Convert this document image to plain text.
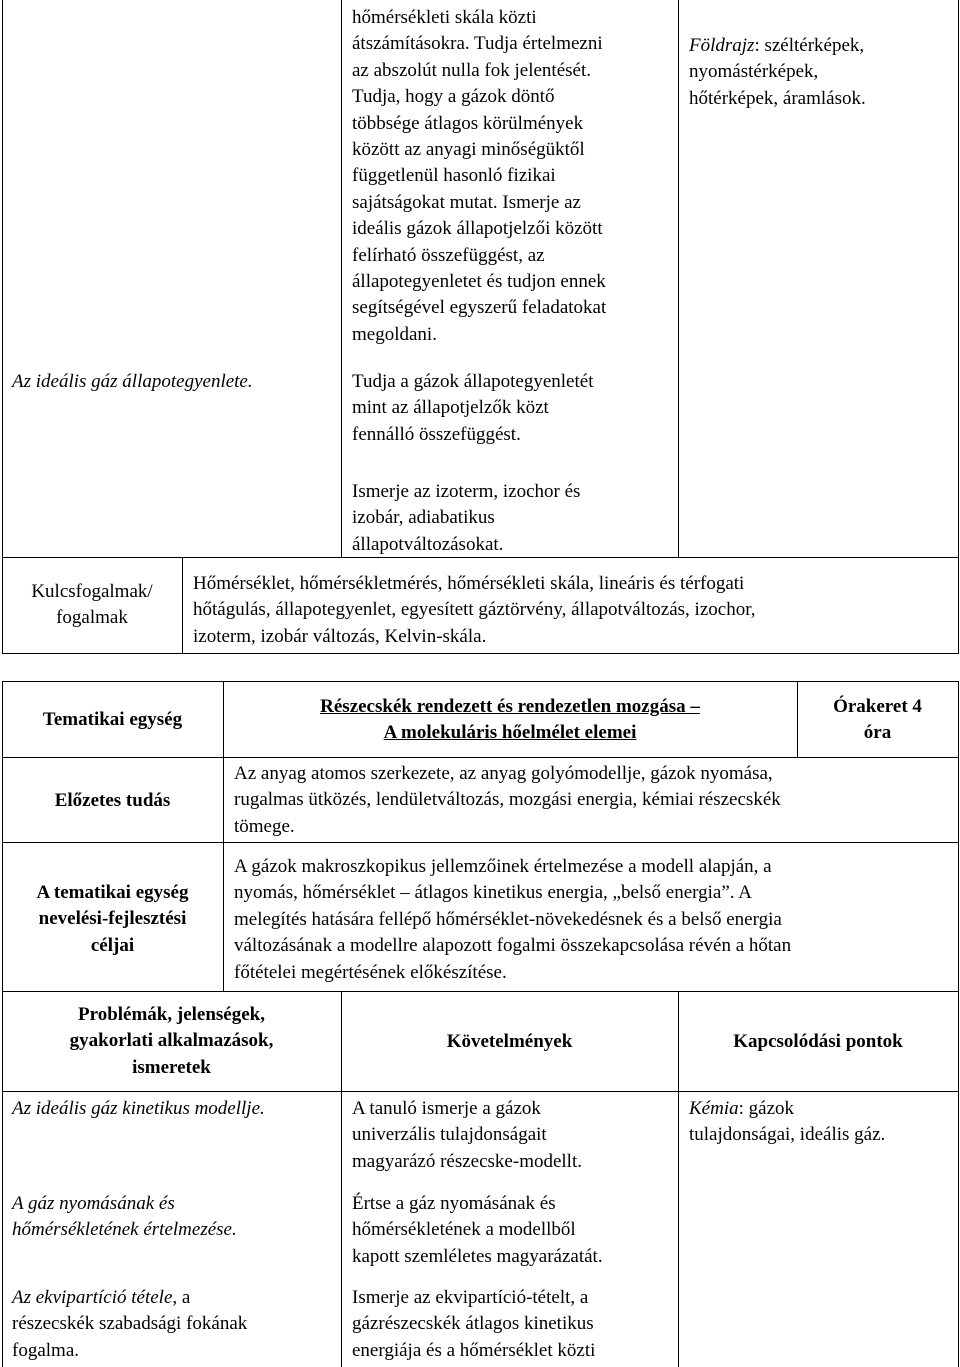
Az ideális gáz állapotegyenlete.
hőmérsékleti skála közti
átszámításokra. Tudja értelmezni
az abszolút nulla fok jelentését.
Tudja, hogy a gázok döntő
többsége átlagos körülmények
között az anyagi minőségüktől
függetlenül hasonló fizikai
sajátságokat mutat. Ismerje az
ideális gázok állapotjelzői között
felírható összefüggést, az
állapotegyenletet és tudjon ennek
segítségével egyszerű feladatokat
megoldani.
Tudja a gázok állapotegyenletét
mint az állapotjelzők közt
fennálló összefüggést.
Ismerje az izoterm, izochor és
izobár, adiabatikus
állapotváltozásokat.
Földrajz: széltérképek,
nyomástérképek,
hőtérképek, áramlások.
Kulcsfogalmak/
fogalmak
Hőmérséklet, hőmérsékletmérés, hőmérsékleti skála, lineáris és térfogati
hőtágulás, állapotegyenlet, egyesített gáztörvény, állapotváltozás, izochor,
izoterm, izobár változás, Kelvin-skála.
Tematikai egység
Részecskék rendezett és rendezetlen mozgása –
A molekuláris hőelmélet elemei
Órakeret 4
óra
Előzetes tudás
Az anyag atomos szerkezete, az anyag golyómodellje, gázok nyomása,
rugalmas ütközés, lendületváltozás, mozgási energia, kémiai részecskék
tömege.
A tematikai egység
nevelési-fejlesztési
céljai
A gázok makroszkopikus jellemzőinek értelmezése a modell alapján, a
nyomás, hőmérséklet – átlagos kinetikus energia, „belső energia”. A
melegítés hatására fellépő hőmérséklet-növekedésnek és a belső energia
változásának a modellre alapozott fogalmi összekapcsolása révén a hőtan
főtételei megértésének előkészítése.
Problémák, jelenségek,
gyakorlati alkalmazások,
ismeretek
Követelmények	Kapcsolódási pontok
Az ideális gáz kinetikus modellje.	A tanuló ismerje a gázok
univerzális tulajdonságait
magyarázó részecske-modellt.
Kémia: gázok
tulajdonságai, ideális gáz.
A gáz nyomásának és
hőmérsékletének értelmezése.
Értse a gáz nyomásának és
hőmérsékletének a modellből
kapott szemléletes magyarázatát.
Az ekvipartíció tétele, a
részecskék szabadsági fokának
fogalma.
Ismerje az ekvipartíció-tételt, a
gázrészecskék átlagos kinetikus
energiája és a hőmérséklet közti
